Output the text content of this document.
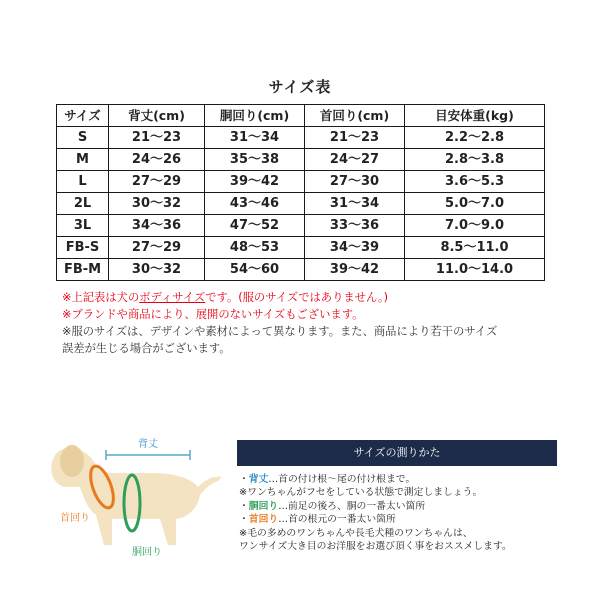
サイズ表
サイズ	背丈(cm)	胴回り(cm)	首回り(cm)	目安体重(kg)
S	21〜23	31〜34	21〜23	2.2〜2.8
M	24〜26	35〜38	24〜27	2.8〜3.8
L	27〜29	39〜42	27〜30	3.6〜5.3
2L	30〜32	43〜46	31〜34	5.0〜7.0
3L	34〜36	47〜52	33〜36	7.0〜9.0
FB-S	27〜29	48〜53	34〜39	8.5〜11.0
FB-M	30〜32	54〜60	39〜42	11.0〜14.0

※上記表は犬のボディサイズです。(服のサイズではありません。)

※ブランドや商品により、展開のないサイズもございます。

※服のサイズは、デザインや素材によって異なります。また、商品により若干のサイズ

誤差が生じる場合がございます。

背丈
首回り
胴回り
サイズの測りかた

・背丈…首の付け根〜尾の付け根まで。

※ワンちゃんがフセをしている状態で測定しましょう。

・胴回り…前足の後ろ、胴の一番太い箇所

・首回り…首の根元の一番太い箇所

※毛の多めのワンちゃんや長毛犬種のワンちゃんは、

ワンサイズ大き目のお洋服をお選び頂く事をおススメします。
